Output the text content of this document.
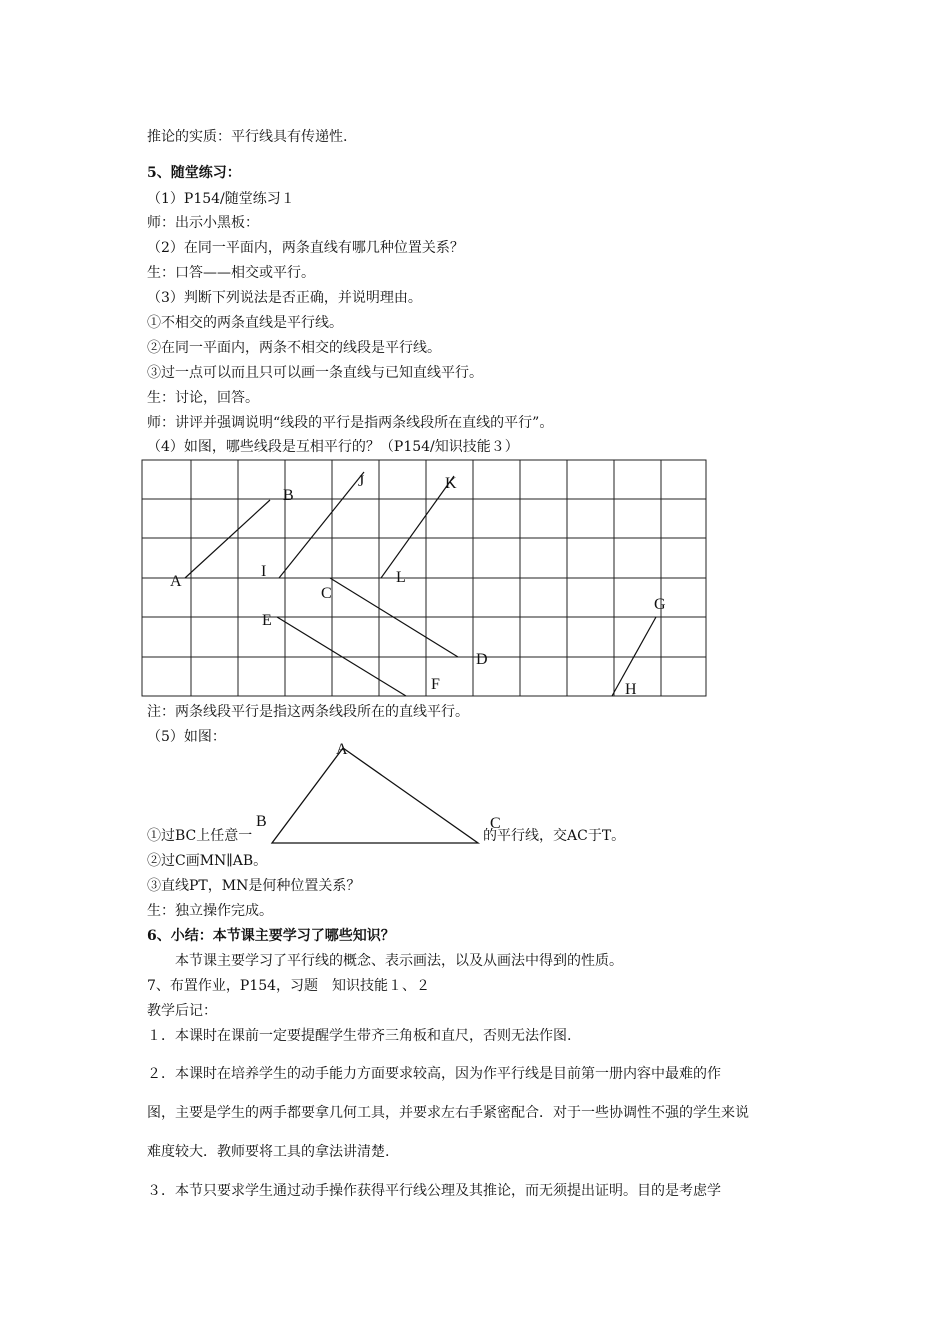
推论的实质：平行线具有传递性.
5、随堂练习：
（1）P154/随堂练习１
师：出示小黑板：
（2）在同一平面内，两条直线有哪几种位置关系？
生：口答——相交或平行。
（3）判断下列说法是否正确，并说明理由。
①不相交的两条直线是平行线。
②在同一平面内，两条不相交的线段是平行线。
③过一点可以而且只可以画一条直线与已知直线平行。
生：讨论，回答。
师：讲评并强调说明“线段的平行是指两条线段所在直线的平行”。
（4）如图，哪些线段是互相平行的？（P154/知识技能３）
A
B
C
D
E
F
G
H
I
J	K
L
注：两条线段平行是指这两条线段所在的直线平行。
（5）如图：
①过BC上任意一	的平行线，交AC于T。
A
B	C
②过C画MN∥AB。
③直线PT，MN是何种位置关系？
生：独立操作完成。
6、小结：本节课主要学习了哪些知识？
本节课主要学习了平行线的概念、表示画法，以及从画法中得到的性质。
7、布置作业，P154，习题　知识技能１、２
教学后记：
１．本课时在课前一定要提醒学生带齐三角板和直尺，否则无法作图.
２．本课时在培养学生的动手能力方面要求较高，因为作平行线是目前第一册内容中最难的作
图，主要是学生的两手都要拿几何工具，并要求左右手紧密配合．对于一些协调性不强的学生来说
难度较大．教师要将工具的拿法讲清楚.
３．本节只要求学生通过动手操作获得平行线公理及其推论，而无须提出证明。目的是考虑学
